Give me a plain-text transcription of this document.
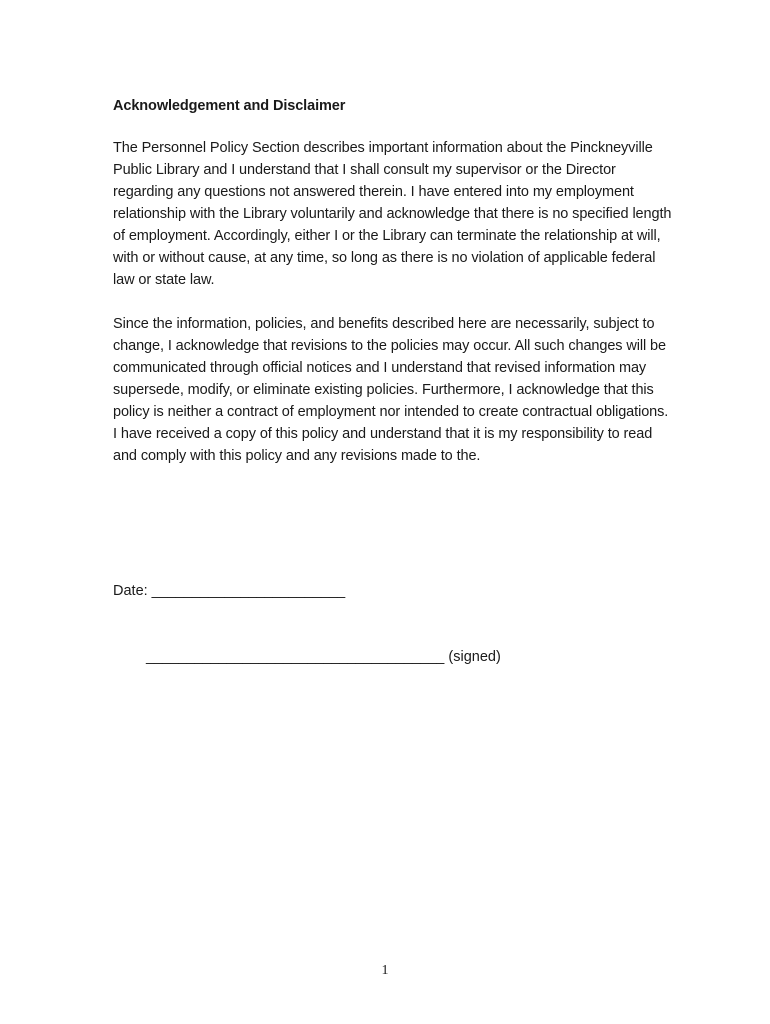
Acknowledgement and Disclaimer
The Personnel Policy Section describes important information about the Pinckneyville Public Library and I understand that I shall consult my supervisor or the Director regarding any questions not answered therein. I have entered into my employment relationship with the Library voluntarily and acknowledge that there is no specified length of employment. Accordingly, either I or the Library can terminate the relationship at will, with or without cause, at any time, so long as there is no violation of applicable federal law or state law.
Since the information, policies, and benefits described here are necessarily, subject to change, I acknowledge that revisions to the policies may occur. All such changes will be communicated through official notices and I understand that revised information may supersede, modify, or eliminate existing policies. Furthermore, I acknowledge that this policy is neither a contract of employment nor intended to create contractual obligations. I have received a copy of this policy and understand that it is my responsibility to read and comply with this policy and any revisions made to the.
Date: ________________________
_____________________________________ (signed)
1
